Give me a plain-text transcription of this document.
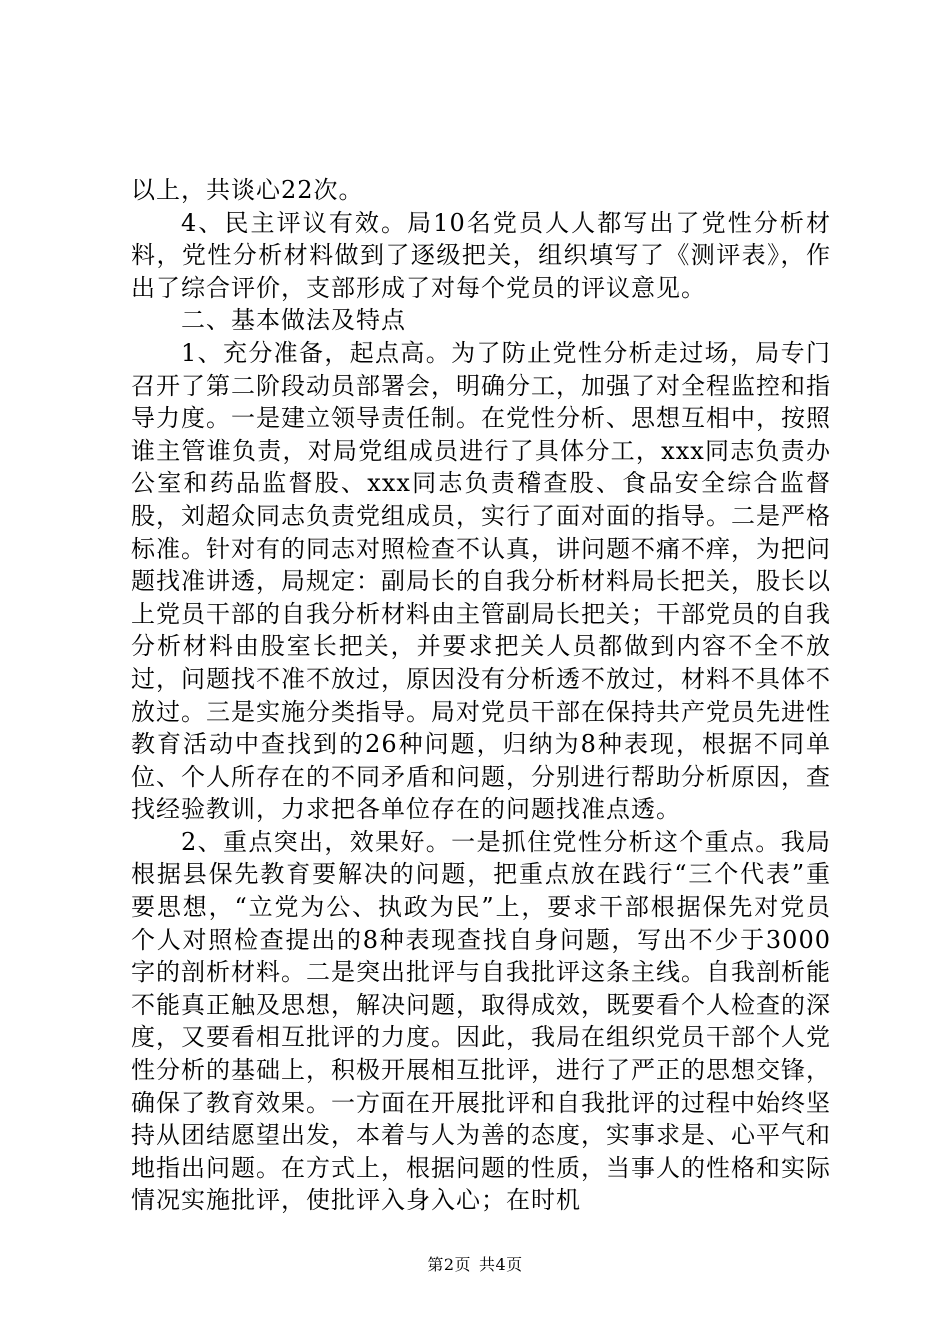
以上，共谈心22次。

4、民主评议有效。局10名党员人人都写出了党性分析材料，党性分析材料做到了逐级把关，组织填写了《测评表》，作出了综合评价，支部形成了对每个党员的评议意见。

二、基本做法及特点

1、充分准备，起点高。为了防止党性分析走过场，局专门召开了第二阶段动员部署会，明确分工，加强了对全程监控和指导力度。一是建立领导责任制。在党性分析、思想互相中，按照谁主管谁负责，对局党组成员进行了具体分工，xxx同志负责办公室和药品监督股、xxx同志负责稽查股、食品安全综合监督股，刘超众同志负责党组成员，实行了面对面的指导。二是严格标准。针对有的同志对照检查不认真，讲问题不痛不痒，为把问题找准讲透，局规定：副局长的自我分析材料局长把关，股长以上党员干部的自我分析材料由主管副局长把关；干部党员的自我分析材料由股室长把关，并要求把关人员都做到内容不全不放过，问题找不准不放过，原因没有分析透不放过，材料不具体不放过。三是实施分类指导。局对党员干部在保持共产党员先进性教育活动中查找到的26种问题，归纳为8种表现，根据不同单位、个人所存在的不同矛盾和问题，分别进行帮助分析原因，查找经验教训，力求把各单位存在的问题找准点透。

2、重点突出，效果好。一是抓住党性分析这个重点。我局根据县保先教育要解决的问题，把重点放在践行“三个代表”重要思想，“立党为公、执政为民”上，要求干部根据保先对党员个人对照检查提出的8种表现查找自身问题，写出不少于3000字的剖析材料。二是突出批评与自我批评这条主线。自我剖析能不能真正触及思想，解决问题，取得成效，既要看个人检查的深度，又要看相互批评的力度。因此，我局在组织党员干部个人党性分析的基础上，积极开展相互批评，进行了严正的思想交锋，确保了教育效果。一方面在开展批评和自我批评的过程中始终坚持从团结愿望出发，本着与人为善的态度，实事求是、心平气和地指出问题。在方式上，根据问题的性质，当事人的性格和实际情况实施批评，使批评入身入心；在时机

第2页 共4页
